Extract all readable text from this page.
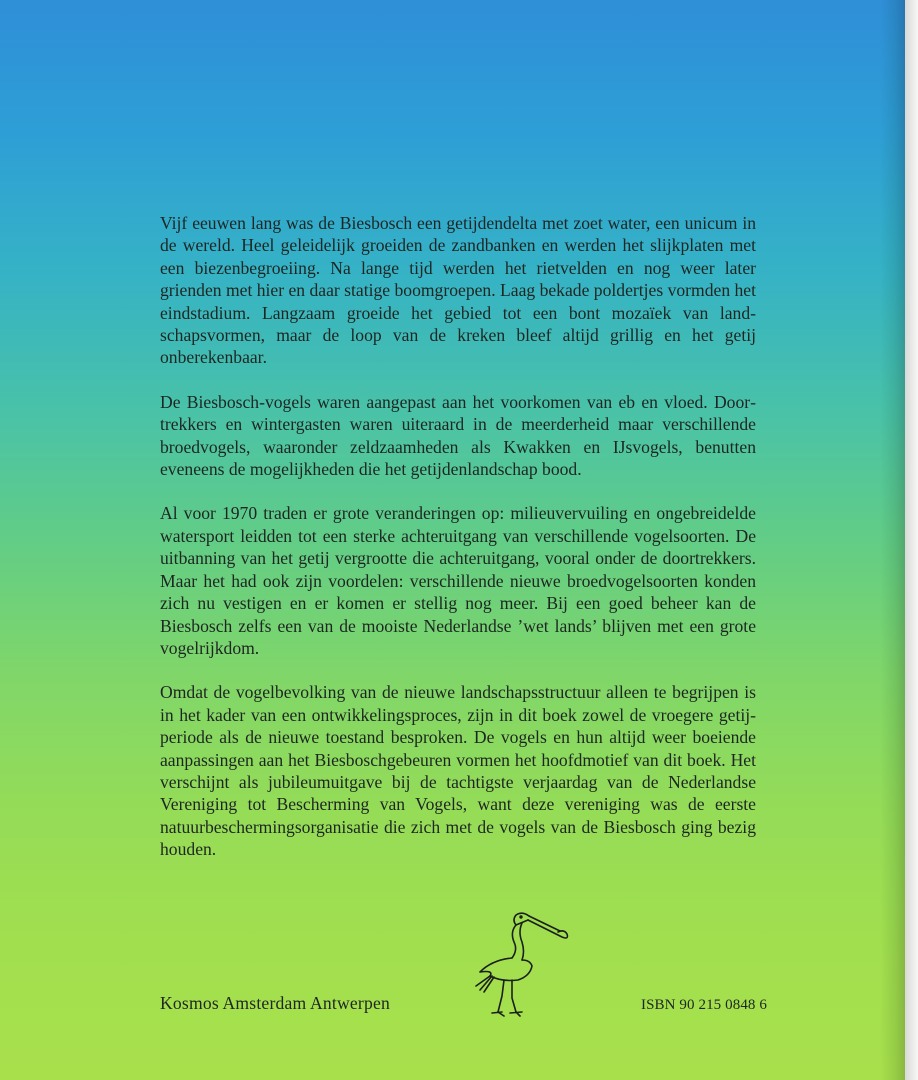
Vijf eeuwen lang was de Biesbosch een getijdendelta met zoet water, een unicum in de wereld. Heel geleidelijk groeiden de zandbanken en werden het slijkplaten met een biezenbegroeiing. Na lange tijd werden het rietvelden en nog weer later grienden met hier en daar statige boomgroepen. Laag bekade poldertjes vormden het eindstadium. Langzaam groeide het gebied tot een bont mozaïek van landschapsvormen, maar de loop van de kreken bleef altijd grillig en het getij onberekenbaar.

De Biesbosch-vogels waren aangepast aan het voorkomen van eb en vloed. Doortrekkers en wintergasten waren uiteraard in de meerderheid maar verschillende broedvogels, waaronder zeldzaamheden als Kwakken en IJsvogels, benutten eveneens de mogelijkheden die het getijdenlandschap bood.

Al voor 1970 traden er grote veranderingen op: milieuvervuiling en ongebreidelde watersport leidden tot een sterke achteruitgang van verschillende vogelsoorten. De uitbanning van het getij vergrootte die achteruitgang, vooral onder de doortrekkers. Maar het had ook zijn voordelen: verschillende nieuwe broedvogelsoorten konden zich nu vestigen en er komen er stellig nog meer. Bij een goed beheer kan de Biesbosch zelfs een van de mooiste Nederlandse ’wet lands’ blijven met een grote vogelrijkdom.

Omdat de vogelbevolking van de nieuwe landschapsstructuur alleen te begrijpen is in het kader van een ontwikkelingsproces, zijn in dit boek zowel de vroegere getijperiode als de nieuwe toestand besproken. De vogels en hun altijd weer boeiende aanpassingen aan het Biesboschgebeuren vormen het hoofdmotief van dit boek. Het verschijnt als jubileumuitgave bij de tachtigste verjaardag van de Nederlandse Vereniging tot Bescherming van Vogels, want deze vereniging was de eerste natuurbeschermingsorganisatie die zich met de vogels van de Biesbosch ging bezig houden.

Kosmos Amsterdam Antwerpen	ISBN 90 215 0848 6
